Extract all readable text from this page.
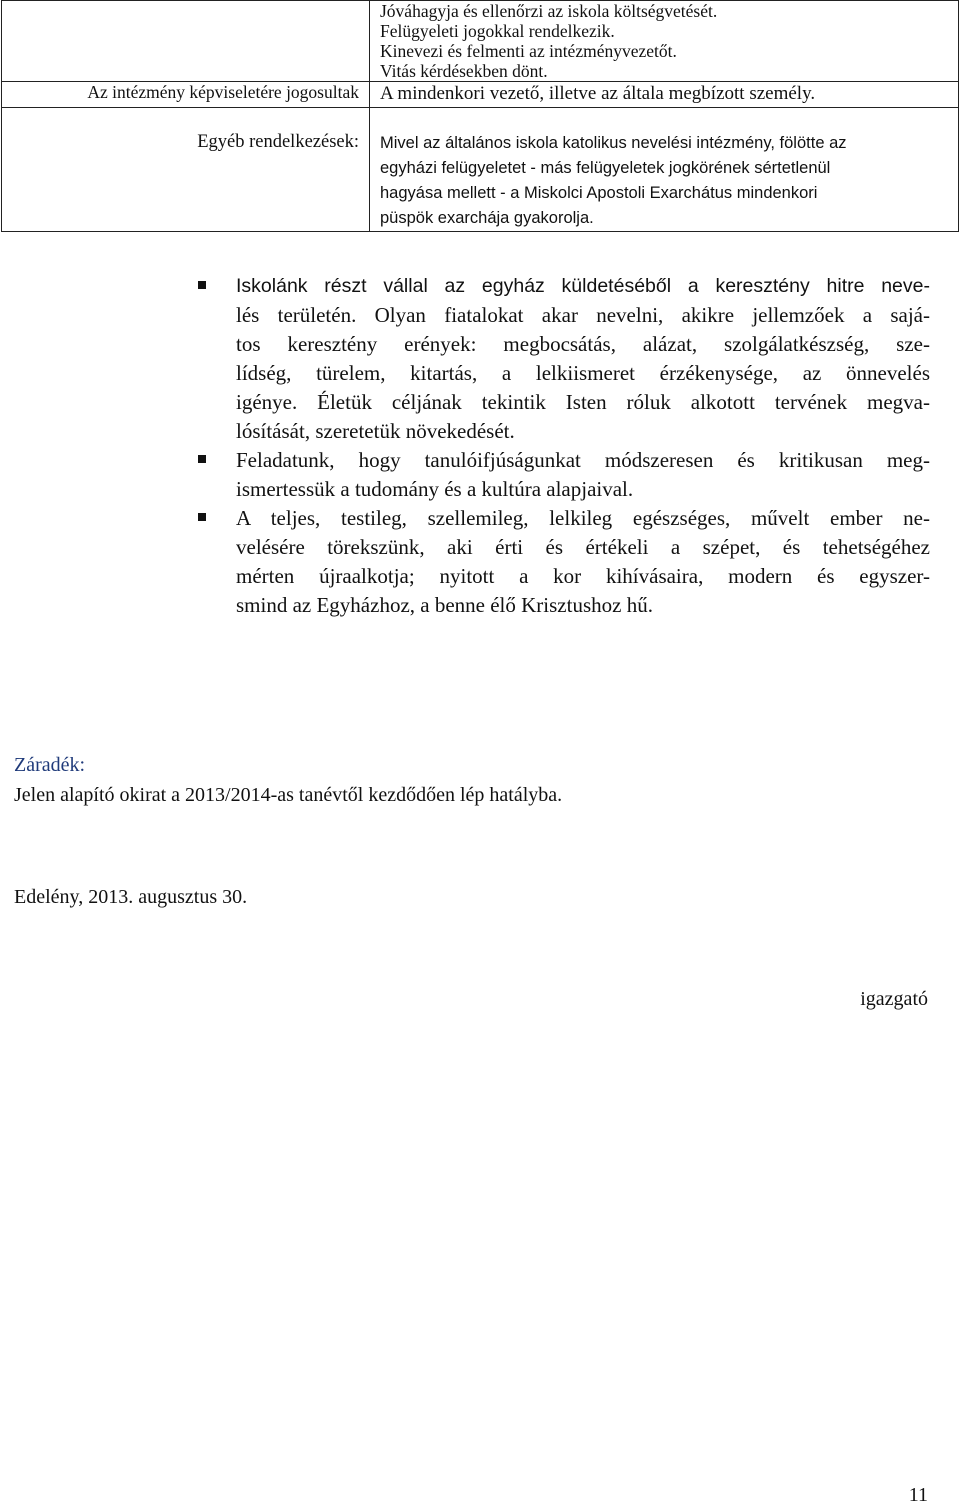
	Jóváhagyja és ellenőrzi az iskola költségvetését.
Felügyeleti jogokkal rendelkezik.
Kinevezi és felmenti az intézményvezetőt.
Vitás kérdésekben dönt.

Az intézmény képviseletére jogosultak	A mindenkori vezető, illetve az általa megbízott személy.

Egyéb rendelkezések:	Mivel az általános iskola katolikus nevelési intézmény, fölötte az
egyházi felügyeletet - más felügyeletek jogkörének sértetlenül
hagyása mellett - a Miskolci Apostoli Exarchátus mindenkori
püspök exarchája gyakorolja.
Iskolánk részt vállal az egyház küldetéséből a keresztény hitre neve-
lés területén. Olyan fiatalokat akar nevelni, akikre jellemzőek a sajá-
tos keresztény erények: megbocsátás, alázat, szolgálatkészség, sze-
lídség, türelem, kitartás, a lelkiismeret érzékenysége, az önnevelés
igénye. Életük céljának tekintik Isten róluk alkotott tervének megva-
lósítását, szeretetük növekedését.
Feladatunk, hogy tanulóifjúságunkat módszeresen és kritikusan meg-
ismertessük a tudomány és a kultúra alapjaival.
A teljes, testileg, szellemileg, lelkileg egészséges, művelt ember ne-
velésére törekszünk, aki érti és értékeli a szépet, és tehetségéhez
mérten újraalkotja; nyitott a kor kihívásaira, modern és egyszer-
smind az Egyházhoz, a benne élő Krisztushoz hű.
Záradék:
Jelen alapító okirat a 2013/2014-as tanévtől kezdődően lép hatályba.
Edelény, 2013. augusztus 30.
igazgató
11
